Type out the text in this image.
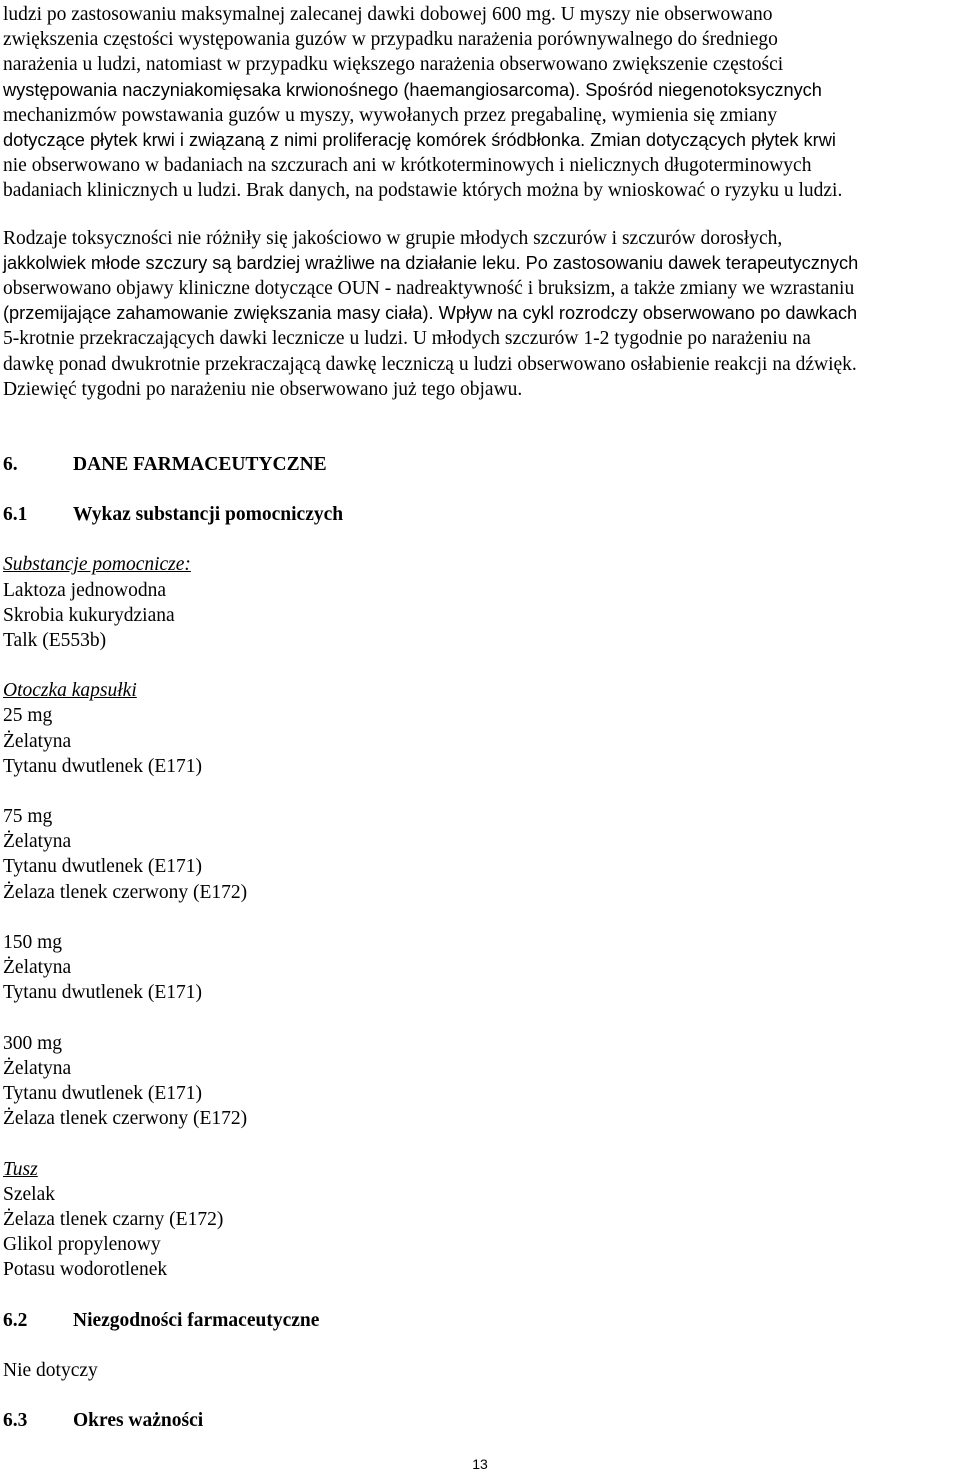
ludzi po zastosowaniu maksymalnej zalecanej dawki dobowej 600 mg. U myszy nie obserwowano
zwiększenia częstości występowania guzów w przypadku narażenia porównywalnego do średniego
narażenia u ludzi, natomiast w przypadku większego narażenia obserwowano zwiększenie częstości
występowania naczyniakomięsaka krwionośnego (haemangiosarcoma). Spośród niegenotoksycznych
mechanizmów powstawania guzów u myszy, wywołanych przez pregabalinę, wymienia się zmiany
dotyczące płytek krwi i związaną z nimi proliferację komórek śródbłonka. Zmian dotyczących płytek krwi
nie obserwowano w badaniach na szczurach ani w krótkoterminowych i nielicznych długoterminowych
badaniach klinicznych u ludzi. Brak danych, na podstawie których można by wnioskować o ryzyku u ludzi.

Rodzaje toksyczności nie różniły się jakościowo w grupie młodych szczurów i szczurów dorosłych,
jakkolwiek młode szczury są bardziej wrażliwe na działanie leku. Po zastosowaniu dawek terapeutycznych
obserwowano objawy kliniczne dotyczące OUN - nadreaktywność i bruksizm, a także zmiany we wzrastaniu
(przemijające zahamowanie zwiększania masy ciała). Wpływ na cykl rozrodczy obserwowano po dawkach
5-krotnie przekraczających dawki lecznicze u ludzi. U młodych szczurów 1-2 tygodnie po narażeniu na
dawkę ponad dwukrotnie przekraczającą dawkę leczniczą u ludzi obserwowano osłabienie reakcji na dźwięk.
Dziewięć tygodni po narażeniu nie obserwowano już tego objawu.

6.	DANE FARMACEUTYCZNE
6.1 Wykaz substancji pomocniczych
Substancje pomocnicze:
Laktoza jednowodna
Skrobia kukurydziana
Talk (E553b)
Otoczka kapsułki
25 mg
Żelatyna
Tytanu dwutlenek (E171)
75 mg
Żelatyna
Tytanu dwutlenek (E171)
Żelaza tlenek czerwony (E172)
150 mg
Żelatyna
Tytanu dwutlenek (E171)
300 mg
Żelatyna
Tytanu dwutlenek (E171)
Żelaza tlenek czerwony (E172)
Tusz
Szelak
Żelaza tlenek czarny (E172)
Glikol propylenowy
Potasu wodorotlenek
6.2 Niezgodności farmaceutyczne
Nie dotyczy
6.3 Okres ważności
13
